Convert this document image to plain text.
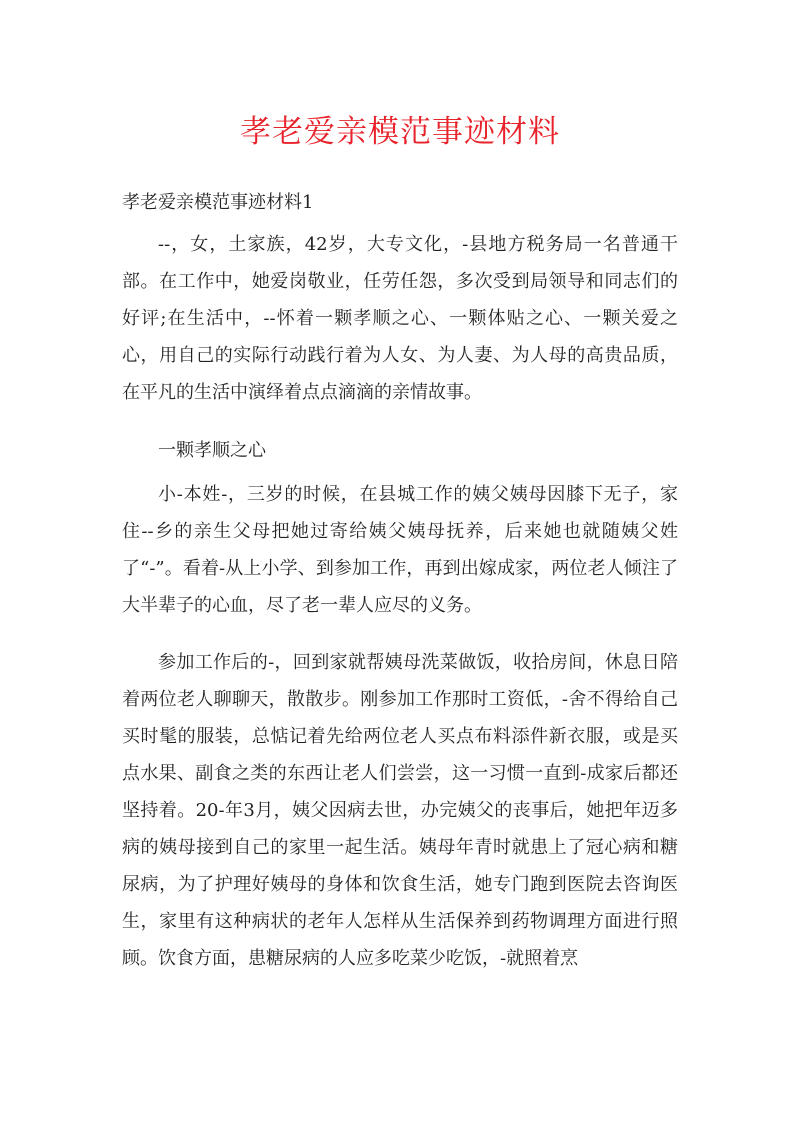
孝老爱亲模范事迹材料
孝老爱亲模范事迹材料1

--，女，土家族，42岁，大专文化，-县地方税务局一名普通干部。在工作中，她爱岗敬业，任劳任怨，多次受到局领导和同志们的好评;在生活中，--怀着一颗孝顺之心、一颗体贴之心、一颗关爱之心，用自己的实际行动践行着为人女、为人妻、为人母的高贵品质，在平凡的生活中演绎着点点滴滴的亲情故事。

一颗孝顺之心

小-本姓-，三岁的时候，在县城工作的姨父姨母因膝下无子，家住--乡的亲生父母把她过寄给姨父姨母抚养，后来她也就随姨父姓了“-”。看着-从上小学、到参加工作，再到出嫁成家，两位老人倾注了大半辈子的心血，尽了老一辈人应尽的义务。

参加工作后的-，回到家就帮姨母洗菜做饭，收拾房间，休息日陪着两位老人聊聊天，散散步。刚参加工作那时工资低，-舍不得给自己买时髦的服装，总惦记着先给两位老人买点布料添件新衣服，或是买点水果、副食之类的东西让老人们尝尝，这一习惯一直到-成家后都还坚持着。20-年3月，姨父因病去世，办完姨父的丧事后，她把年迈多病的姨母接到自己的家里一起生活。姨母年青时就患上了冠心病和糖尿病，为了护理好姨母的身体和饮食生活，她专门跑到医院去咨询医生，家里有这种病状的老年人怎样从生活保养到药物调理方面进行照顾。饮食方面，患糖尿病的人应多吃菜少吃饭，-就照着烹
